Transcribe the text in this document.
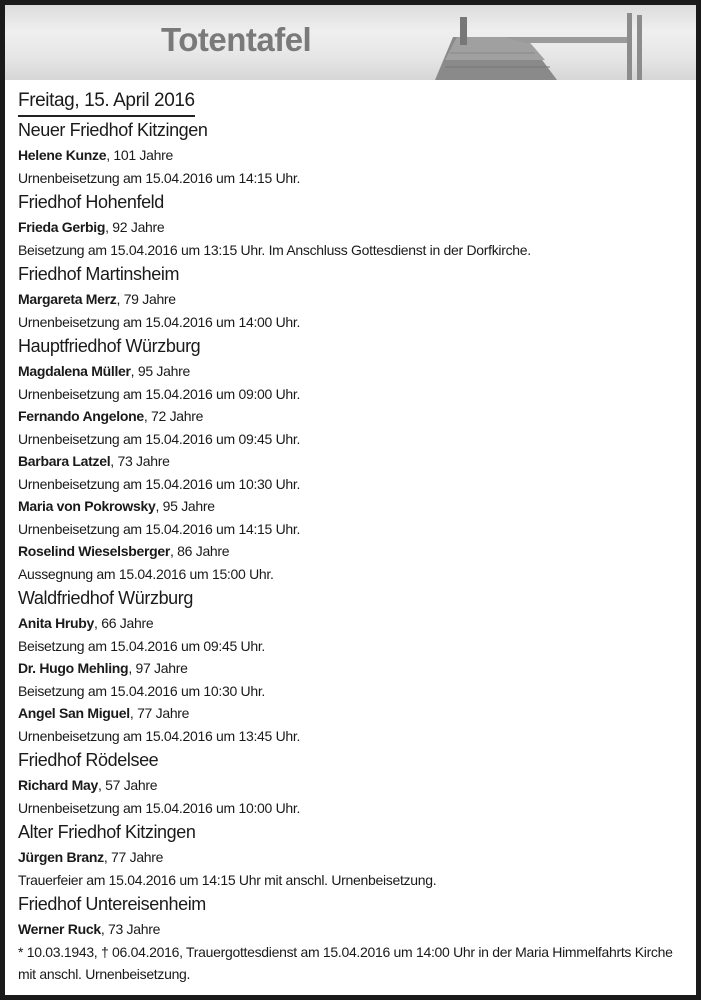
Totentafel
Freitag, 15. April 2016
Neuer Friedhof Kitzingen
Helene Kunze, 101 Jahre
Urnenbeisetzung am 15.04.2016 um 14:15 Uhr.
Friedhof Hohenfeld
Frieda Gerbig, 92 Jahre
Beisetzung am 15.04.2016 um 13:15 Uhr. Im Anschluss Gottesdienst in der Dorfkirche.
Friedhof Martinsheim
Margareta Merz, 79 Jahre
Urnenbeisetzung am 15.04.2016 um 14:00 Uhr.
Hauptfriedhof Würzburg
Magdalena Müller, 95 Jahre
Urnenbeisetzung am 15.04.2016 um 09:00 Uhr.
Fernando Angelone, 72 Jahre
Urnenbeisetzung am 15.04.2016 um 09:45 Uhr.
Barbara Latzel, 73 Jahre
Urnenbeisetzung am 15.04.2016 um 10:30 Uhr.
Maria von Pokrowsky, 95 Jahre
Urnenbeisetzung am 15.04.2016 um 14:15 Uhr.
Roselind Wieselsberger, 86 Jahre
Aussegnung am 15.04.2016 um 15:00 Uhr.
Waldfriedhof Würzburg
Anita Hruby, 66 Jahre
Beisetzung am 15.04.2016 um 09:45 Uhr.
Dr. Hugo Mehling, 97 Jahre
Beisetzung am 15.04.2016 um 10:30 Uhr.
Angel San Miguel, 77 Jahre
Urnenbeisetzung am 15.04.2016 um 13:45 Uhr.
Friedhof Rödelsee
Richard May, 57 Jahre
Urnenbeisetzung am 15.04.2016 um 10:00 Uhr.
Alter Friedhof Kitzingen
Jürgen Branz, 77 Jahre
Trauerfeier am 15.04.2016 um 14:15 Uhr mit anschl. Urnenbeisetzung.
Friedhof Untereisenheim
Werner Ruck, 73 Jahre
* 10.03.1943, † 06.04.2016, Trauergottesdienst am 15.04.2016 um 14:00 Uhr in der Maria Himmelfahrts Kirche mit anschl. Urnenbeisetzung.
